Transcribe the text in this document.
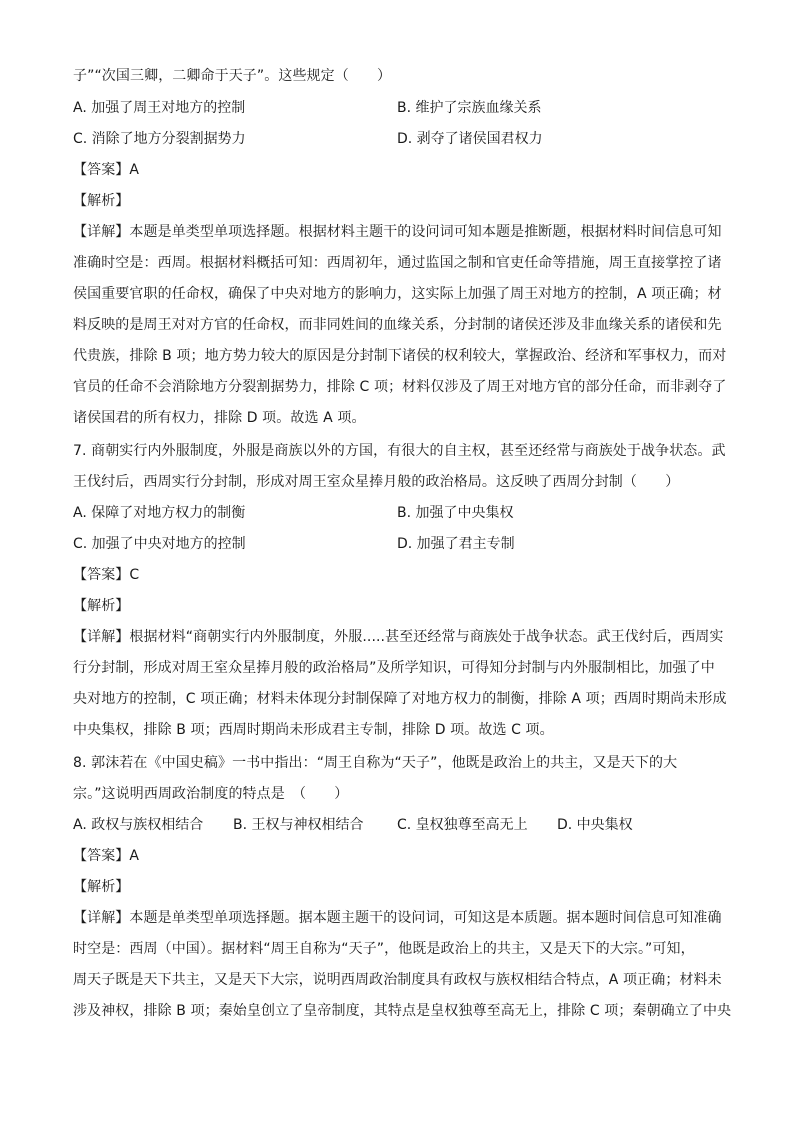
子”“次国三卿，二卿命于天子”。这些规定（　　）
A. 加强了周王对地方的控制	B. 维护了宗族血缘关系
C. 消除了地方分裂割据势力	D. 剥夺了诸侯国君权力
【答案】A
【解析】
【详解】本题是单类型单项选择题。根据材料主题干的设问词可知本题是推断题，根据材料时间信息可知
准确时空是：西周。根据材料概括可知：西周初年，通过监国之制和官吏任命等措施，周王直接掌控了诸
侯国重要官职的任命权，确保了中央对地方的影响力，这实际上加强了周王对地方的控制，A 项正确；材
料反映的是周王对对方官的任命权，而非同姓间的血缘关系，分封制的诸侯还涉及非血缘关系的诸侯和先
代贵族，排除 B 项；地方势力较大的原因是分封制下诸侯的权利较大，掌握政治、经济和军事权力，而对
官员的任命不会消除地方分裂割据势力，排除 C 项；材料仅涉及了周王对地方官的部分任命，而非剥夺了
诸侯国君的所有权力，排除 D 项。故选 A 项。
7. 商朝实行内外服制度，外服是商族以外的方国，有很大的自主权，甚至还经常与商族处于战争状态。武
王伐纣后，西周实行分封制，形成对周王室众星捧月般的政治格局。这反映了西周分封制（　　）
A. 保障了对地方权力的制衡	B. 加强了中央集权
C. 加强了中央对地方的控制	D. 加强了君主专制
【答案】C
【解析】
【详解】根据材料“商朝实行内外服制度，外服.....甚至还经常与商族处于战争状态。武王伐纣后，西周实
行分封制，形成对周王室众星捧月般的政治格局”及所学知识，可得知分封制与内外服制相比，加强了中
央对地方的控制，C 项正确；材料未体现分封制保障了对地方权力的制衡，排除 A 项；西周时期尚未形成
中央集权，排除 B 项；西周时期尚未形成君主专制，排除 D 项。故选 C 项。
8. 郭沫若在《中国史稿》一书中指出：“周王自称为“天子”，他既是政治上的共主，又是天下的大
宗。”这说明西周政治制度的特点是　（　　）
A. 政权与族权相结合 B. 王权与神权相结合 C. 皇权独尊至高无上 D. 中央集权
【答案】A
【解析】
【详解】本题是单类型单项选择题。据本题主题干的设问词，可知这是本质题。据本题时间信息可知准确
时空是：西周（中国）。据材料“周王自称为“天子”，他既是政治上的共主，又是天下的大宗。”可知，
周天子既是天下共主，又是天下大宗，说明西周政治制度具有政权与族权相结合特点，A 项正确；材料未
涉及神权，排除 B 项；秦始皇创立了皇帝制度，其特点是皇权独尊至高无上，排除 C 项；秦朝确立了中央
